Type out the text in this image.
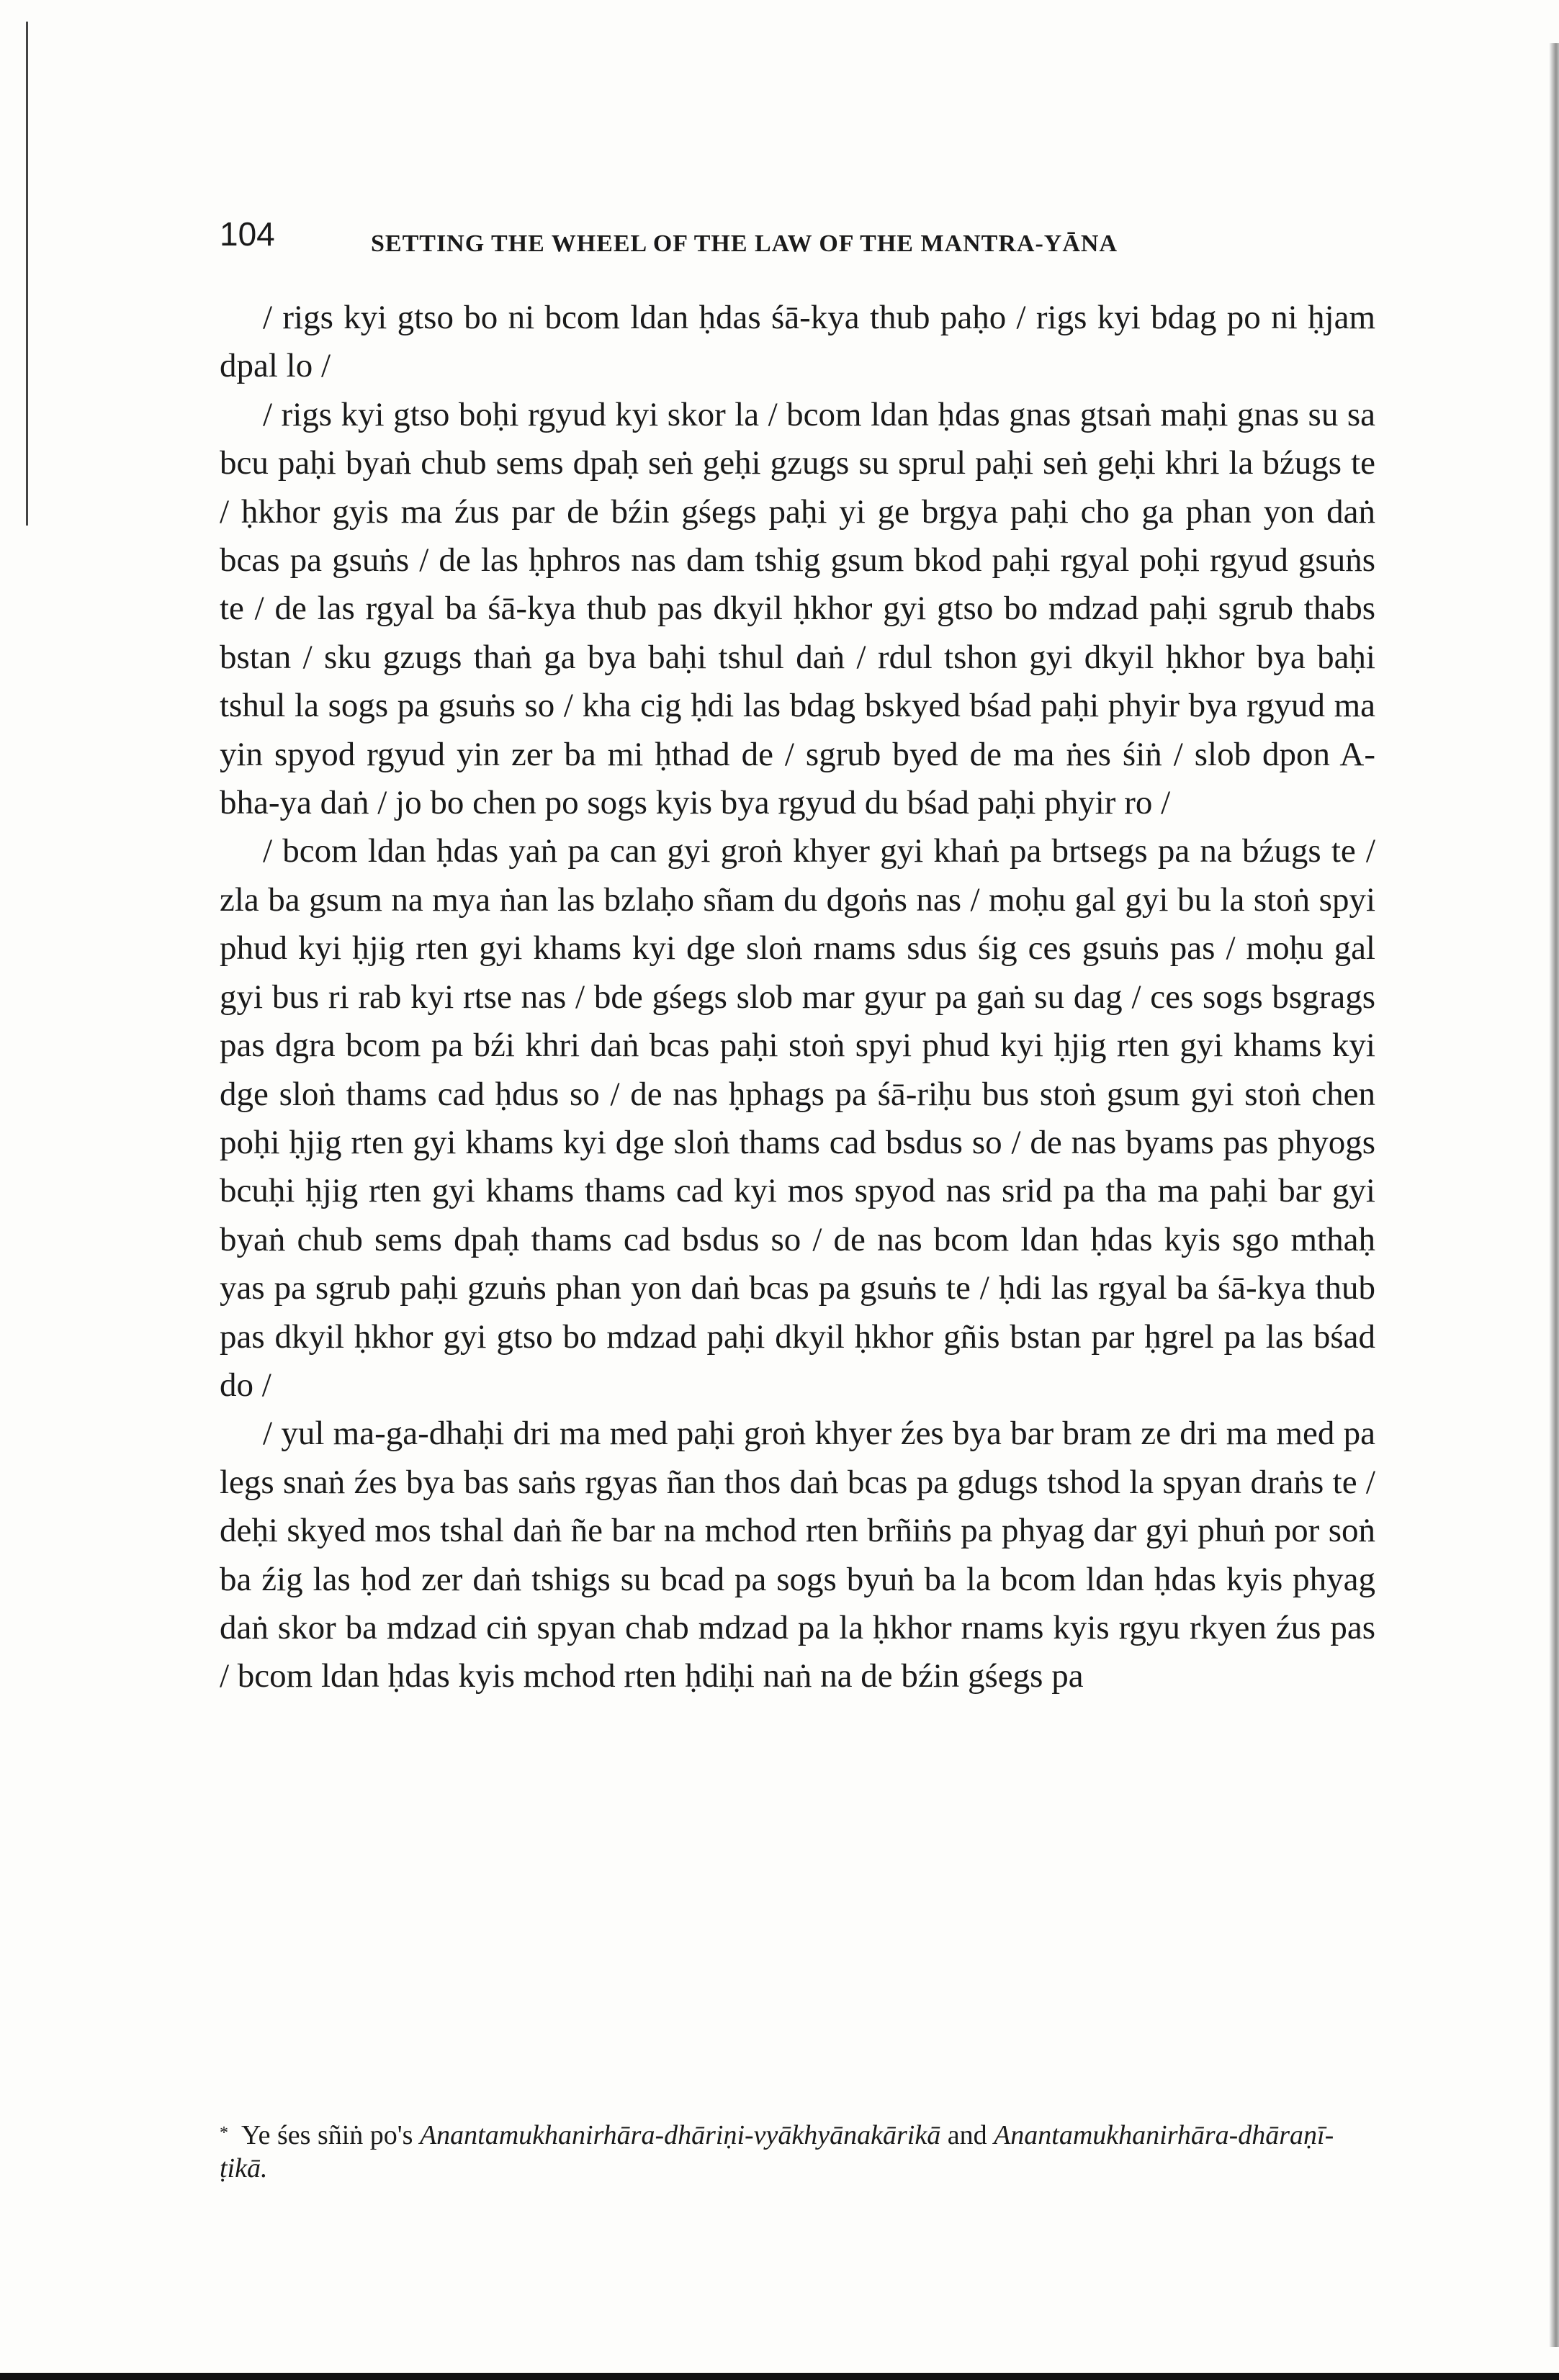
104	SETTING THE WHEEL OF THE LAW OF THE MANTRA-YĀNA

/ rigs kyi gtso bo ni bcom ldan ḥdas śā-kya thub paḥo / rigs kyi bdag po ni ḥjam dpal lo /

/ rigs kyi gtso boḥi rgyud kyi skor la / bcom ldan ḥdas gnas gtsaṅ maḥi gnas su sa bcu paḥi byaṅ chub sems dpaḥ seṅ geḥi gzugs su sprul paḥi seṅ geḥi khri la bźugs te / ḥkhor gyis ma źus par de bźin gśegs paḥi yi ge brgya paḥi cho ga phan yon daṅ bcas pa gsuṅs / de las ḥphros nas dam tshig gsum bkod paḥi rgyal poḥi rgyud gsuṅs te / de las rgyal ba śā-kya thub pas dkyil ḥkhor gyi gtso bo mdzad paḥi sgrub thabs bstan / sku gzugs thaṅ ga bya baḥi tshul daṅ / rdul tshon gyi dkyil ḥkhor bya baḥi tshul la sogs pa gsuṅs so / kha cig ḥdi las bdag bskyed bśad paḥi phyir bya rgyud ma yin spyod rgyud yin zer ba mi ḥthad de / sgrub byed de ma ṅes śiṅ / slob dpon A-bha-ya daṅ / jo bo chen po sogs kyis bya rgyud du bśad paḥi phyir ro /

/ bcom ldan ḥdas yaṅ pa can gyi groṅ khyer gyi khaṅ pa brtsegs pa na bźugs te / zla ba gsum na mya ṅan las bzlaḥo sñam du dgoṅs nas / moḥu gal gyi bu la stoṅ spyi phud kyi ḥjig rten gyi khams kyi dge sloṅ rnams sdus śig ces gsuṅs pas / moḥu gal gyi bus ri rab kyi rtse nas / bde gśegs slob mar gyur pa gaṅ su dag / ces sogs bsgrags pas dgra bcom pa bźi khri daṅ bcas paḥi stoṅ spyi phud kyi ḥjig rten gyi khams kyi dge sloṅ thams cad ḥdus so / de nas ḥphags pa śā-riḥu bus stoṅ gsum gyi stoṅ chen poḥi ḥjig rten gyi khams kyi dge sloṅ thams cad bsdus so / de nas byams pas phyogs bcuḥi ḥjig rten gyi khams thams cad kyi mos spyod nas srid pa tha ma paḥi bar gyi byaṅ chub sems dpaḥ thams cad bsdus so / de nas bcom ldan ḥdas kyis sgo mthaḥ yas pa sgrub paḥi gzuṅs phan yon daṅ bcas pa gsuṅs te / ḥdi las rgyal ba śā-kya thub pas dkyil ḥkhor gyi gtso bo mdzad paḥi dkyil ḥkhor gñis bstan par ḥgrel pa las bśad do /

/ yul ma-ga-dhaḥi dri ma med paḥi groṅ khyer źes bya bar bram ze dri ma med pa legs snaṅ źes bya bas saṅs rgyas ñan thos daṅ bcas pa gdugs tshod la spyan draṅs te / deḥi skyed mos tshal daṅ ñe bar na mchod rten brñiṅs pa phyag dar gyi phuṅ por soṅ ba źig las ḥod zer daṅ tshigs su bcad pa sogs byuṅ ba la bcom ldan ḥdas kyis phyag daṅ skor ba mdzad ciṅ spyan chab mdzad pa la ḥkhor rnams kyis rgyu rkyen źus pas / bcom ldan ḥdas kyis mchod rten ḥdiḥi naṅ na de bźin gśegs pa

* Ye śes sñiṅ po's Anantamukhanirhāra-dhāriṇi-vyākhyānakārikā and Anantamukhanirhāra-dhāraṇī-ṭikā.
